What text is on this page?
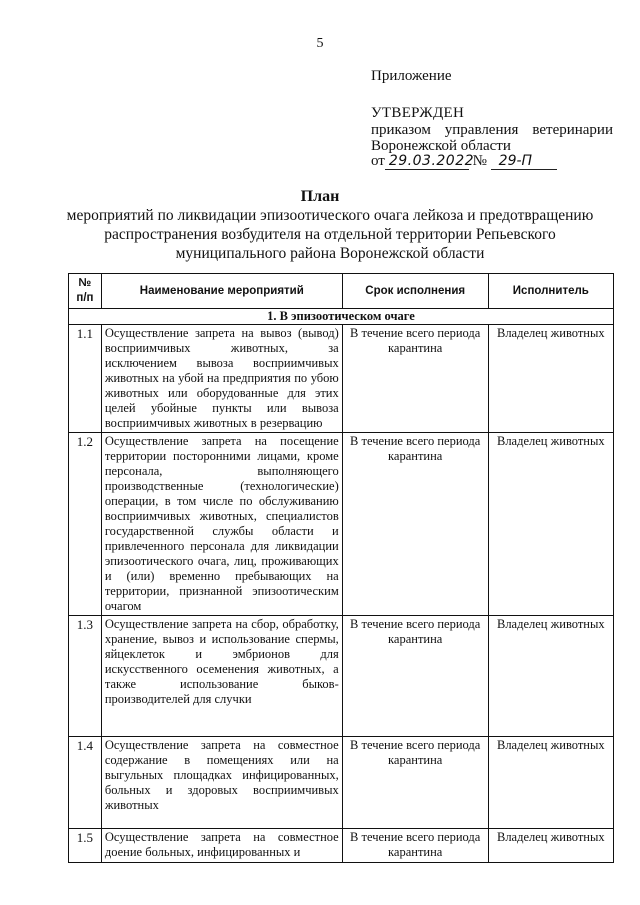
5
Приложение
УТВЕРЖДЕН
приказом управления ветеринарии
Воронежской области
от 29.03.2022 № 29-П
План
мероприятий по ликвидации эпизоотического очага лейкоза и предотвращению распространения возбудителя на отдельной территории Репьевского муниципального района Воронежской области
№ п/п	Наименование мероприятий	Срок исполнения	Исполнитель
1. В эпизоотическом очаге			
1.1	Осуществление запрета на вывоз (вывод) восприимчивых животных, за исключением вывоза восприимчивых животных на убой на предприятия по убою животных или оборудованные для этих целей убойные пункты или вывоза восприимчивых животных в резервацию	В течение всего периода карантина	Владелец животных
1.2	Осуществление запрета на посещение территории посторонними лицами, кроме персонала, выполняющего производственные (технологические) операции, в том числе по обслуживанию восприимчивых животных, специалистов государственной службы области и привлеченного персонала для ликвидации эпизоотического очага, лиц, проживающих и (или) временно пребывающих на территории, признанной эпизоотическим очагом	В течение всего периода карантина	Владелец животных
1.3	Осуществление запрета на сбор, обработку, хранение, вывоз и использование спермы, яйцеклеток и эмбрионов для искусственного осеменения животных, а также использование быков-производителей для случки	В течение всего периода карантина	Владелец животных
1.4	Осуществление запрета на совместное содержание в помещениях или на выгульных площадках инфицированных, больных и здоровых восприимчивых животных	В течение всего периода карантина	Владелец животных
1.5	Осуществление запрета на совместное доение больных, инфицированных и	В течение всего периода карантина	Владелец животных
